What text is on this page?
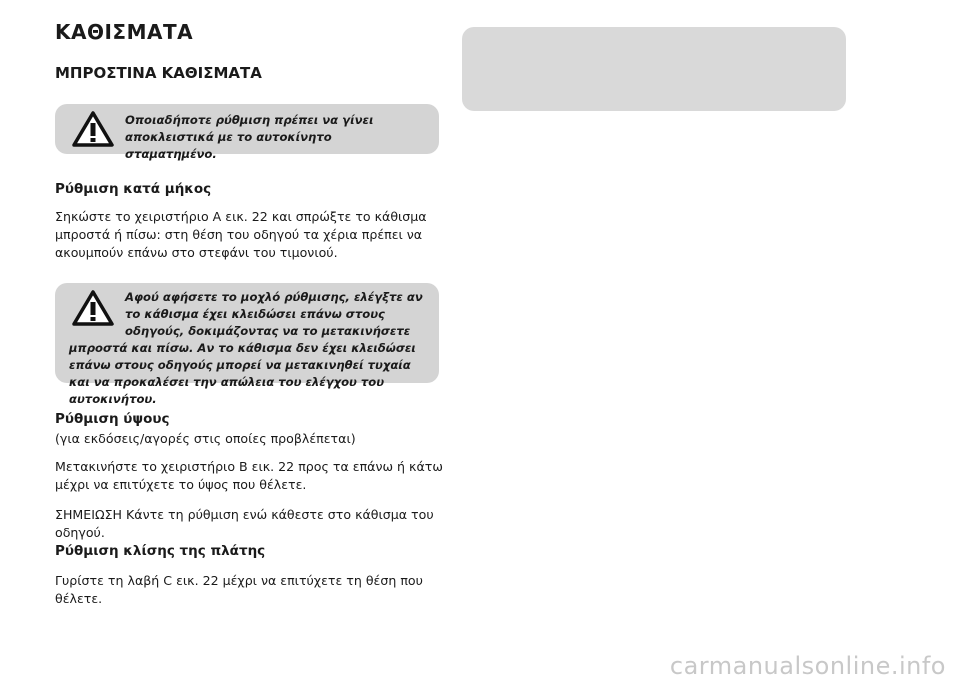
ΚΑΘΙΣΜΑΤΑ
ΜΠΡΟΣΤΙΝΑ ΚΑΘΙΣΜΑΤΑ
Οποιαδήποτε ρύθμιση πρέπει να γίνει αποκλειστικά με το αυτοκίνητο σταματημένο.
Ρύθμιση κατά μήκος
Σηκώστε το χειριστήριο A εικ. 22 και σπρώξτε το κάθισμα μπροστά ή πίσω: στη θέση του οδηγού τα χέρια πρέπει να ακουμπούν επάνω στο στεφάνι του τιμονιού.
Αφού αφήσετε το μοχλό ρύθμισης, ελέγξτε αν το κάθισμα έχει κλειδώσει επάνω στους οδηγούς, δοκιμάζοντας να το μετακινήσετε μπροστά και πίσω. Αν το κάθισμα δεν έχει κλειδώσει επάνω στους οδηγούς μπορεί να μετακινηθεί τυχαία και να προκαλέσει την απώλεια του ελέγχου του αυτοκινήτου.
Ρύθμιση ύψους
(για εκδόσεις/αγορές στις οποίες προβλέπεται)
Μετακινήστε το χειριστήριο B εικ. 22 προς τα επάνω ή κάτω μέχρι να επιτύχετε το ύψος που θέλετε.
ΣΗΜΕΙΩΣΗ Κάντε τη ρύθμιση ενώ κάθεστε στο κάθισμα του οδηγού.
Ρύθμιση κλίσης της πλάτης
Γυρίστε τη λαβή C εικ. 22 μέχρι να επιτύχετε τη θέση που θέλετε.
carmanualsonline.info
